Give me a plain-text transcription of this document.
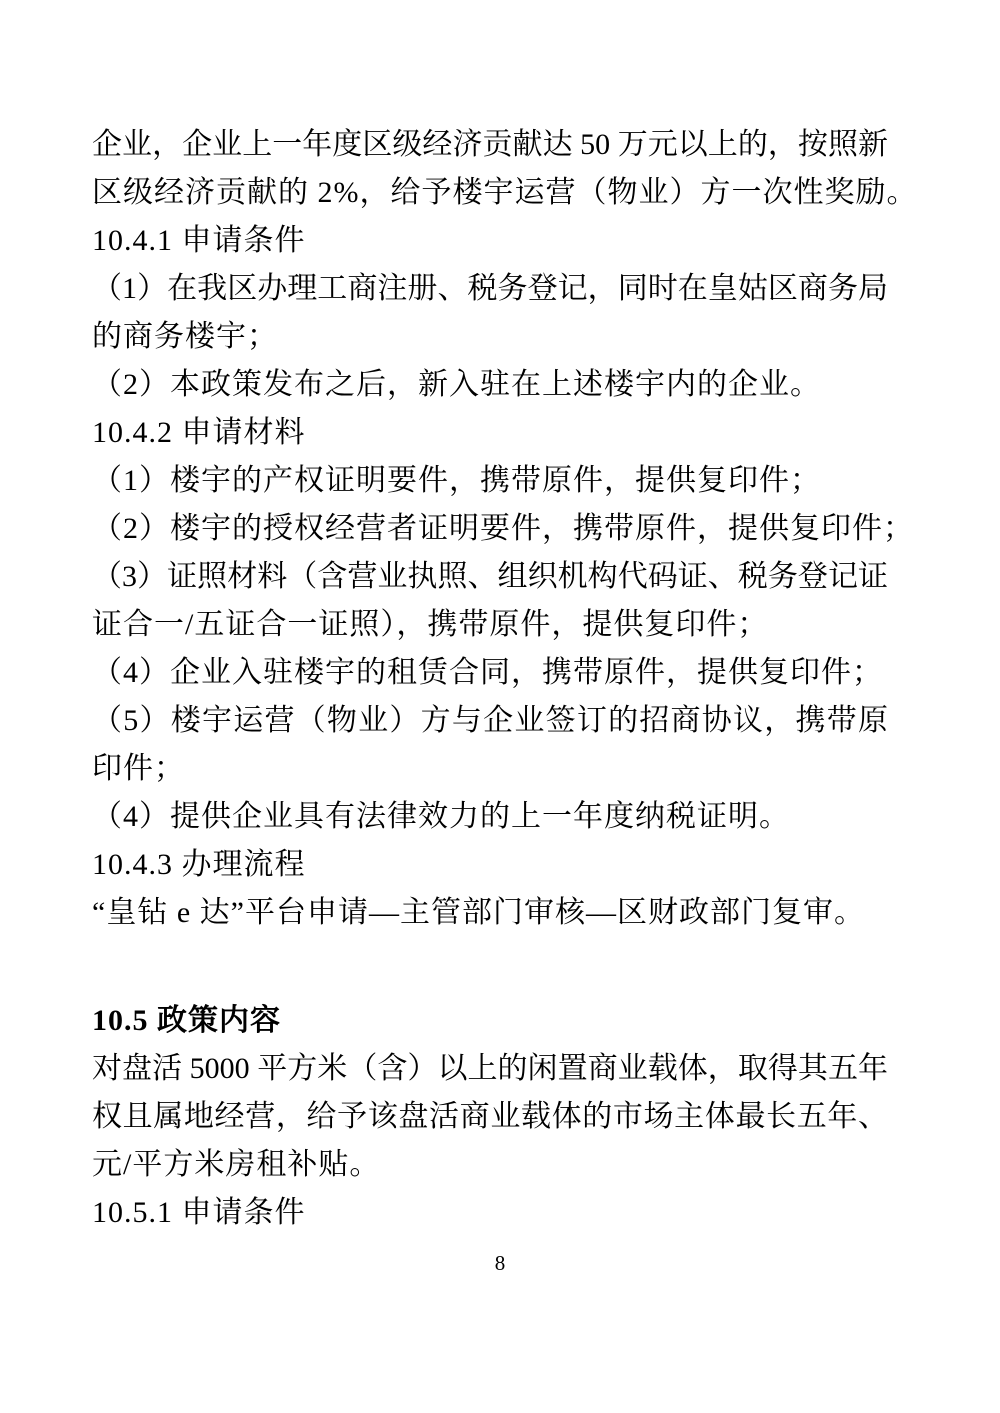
企业，企业上一年度区级经济贡献达 50 万元以上的，按照新

区级经济贡献的 2%，给予楼宇运营（物业）方一次性奖励。

10.4.1 申请条件

（1）在我区办理工商注册、税务登记，同时在皇姑区商务局

的商务楼宇；

（2）本政策发布之后，新入驻在上述楼宇内的企业。

10.4.2 申请材料

（1）楼宇的产权证明要件，携带原件，提供复印件；

（2）楼宇的授权经营者证明要件，携带原件，提供复印件；

（3）证照材料（含营业执照、组织机构代码证、税务登记证

证合一/五证合一证照），携带原件，提供复印件；

（4）企业入驻楼宇的租赁合同，携带原件，提供复印件；

（5）楼宇运营（物业）方与企业签订的招商协议，携带原

印件；

（4）提供企业具有法律效力的上一年度纳税证明。

10.4.3 办理流程

“皇钻 e 达”平台申请—主管部门审核—区财政部门复审。

10.5 政策内容

对盘活 5000 平方米（含）以上的闲置商业载体，取得其五年

权且属地经营，给予该盘活商业载体的市场主体最长五年、

元/平方米房租补贴。

10.5.1 申请条件

8
